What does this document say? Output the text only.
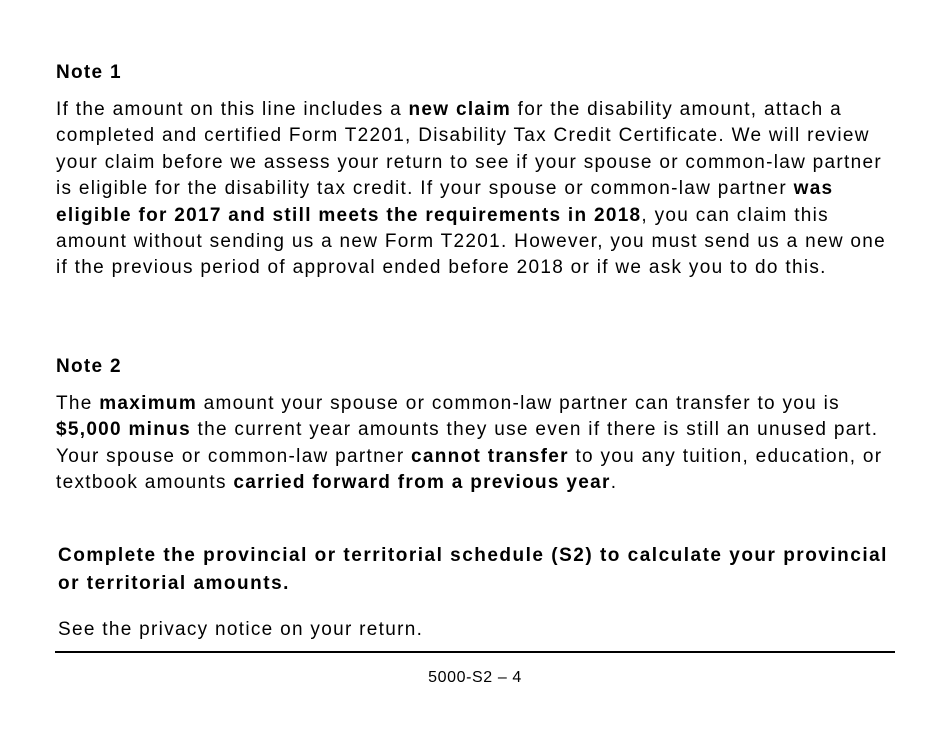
Note 1

If the amount on this line includes a new claim for the disability amount, attach a completed and certified Form T2201, Disability Tax Credit Certificate. We will review your claim before we assess your return to see if your spouse or common-law partner is eligible for the disability tax credit. If your spouse or common-law partner was eligible for 2017 and still meets the requirements in 2018, you can claim this amount without sending us a new Form T2201. However, you must send us a new one if the previous period of approval ended before 2018 or if we ask you to do this.

Note 2

The maximum amount your spouse or common-law partner can transfer to you is $5,000 minus the current year amounts they use even if there is still an unused part. Your spouse or common-law partner cannot transfer to you any tuition, education, or textbook amounts carried forward from a previous year.

Complete the provincial or territorial schedule (S2) to calculate your provincial or territorial amounts.

See the privacy notice on your return.

5000-S2 – 4
